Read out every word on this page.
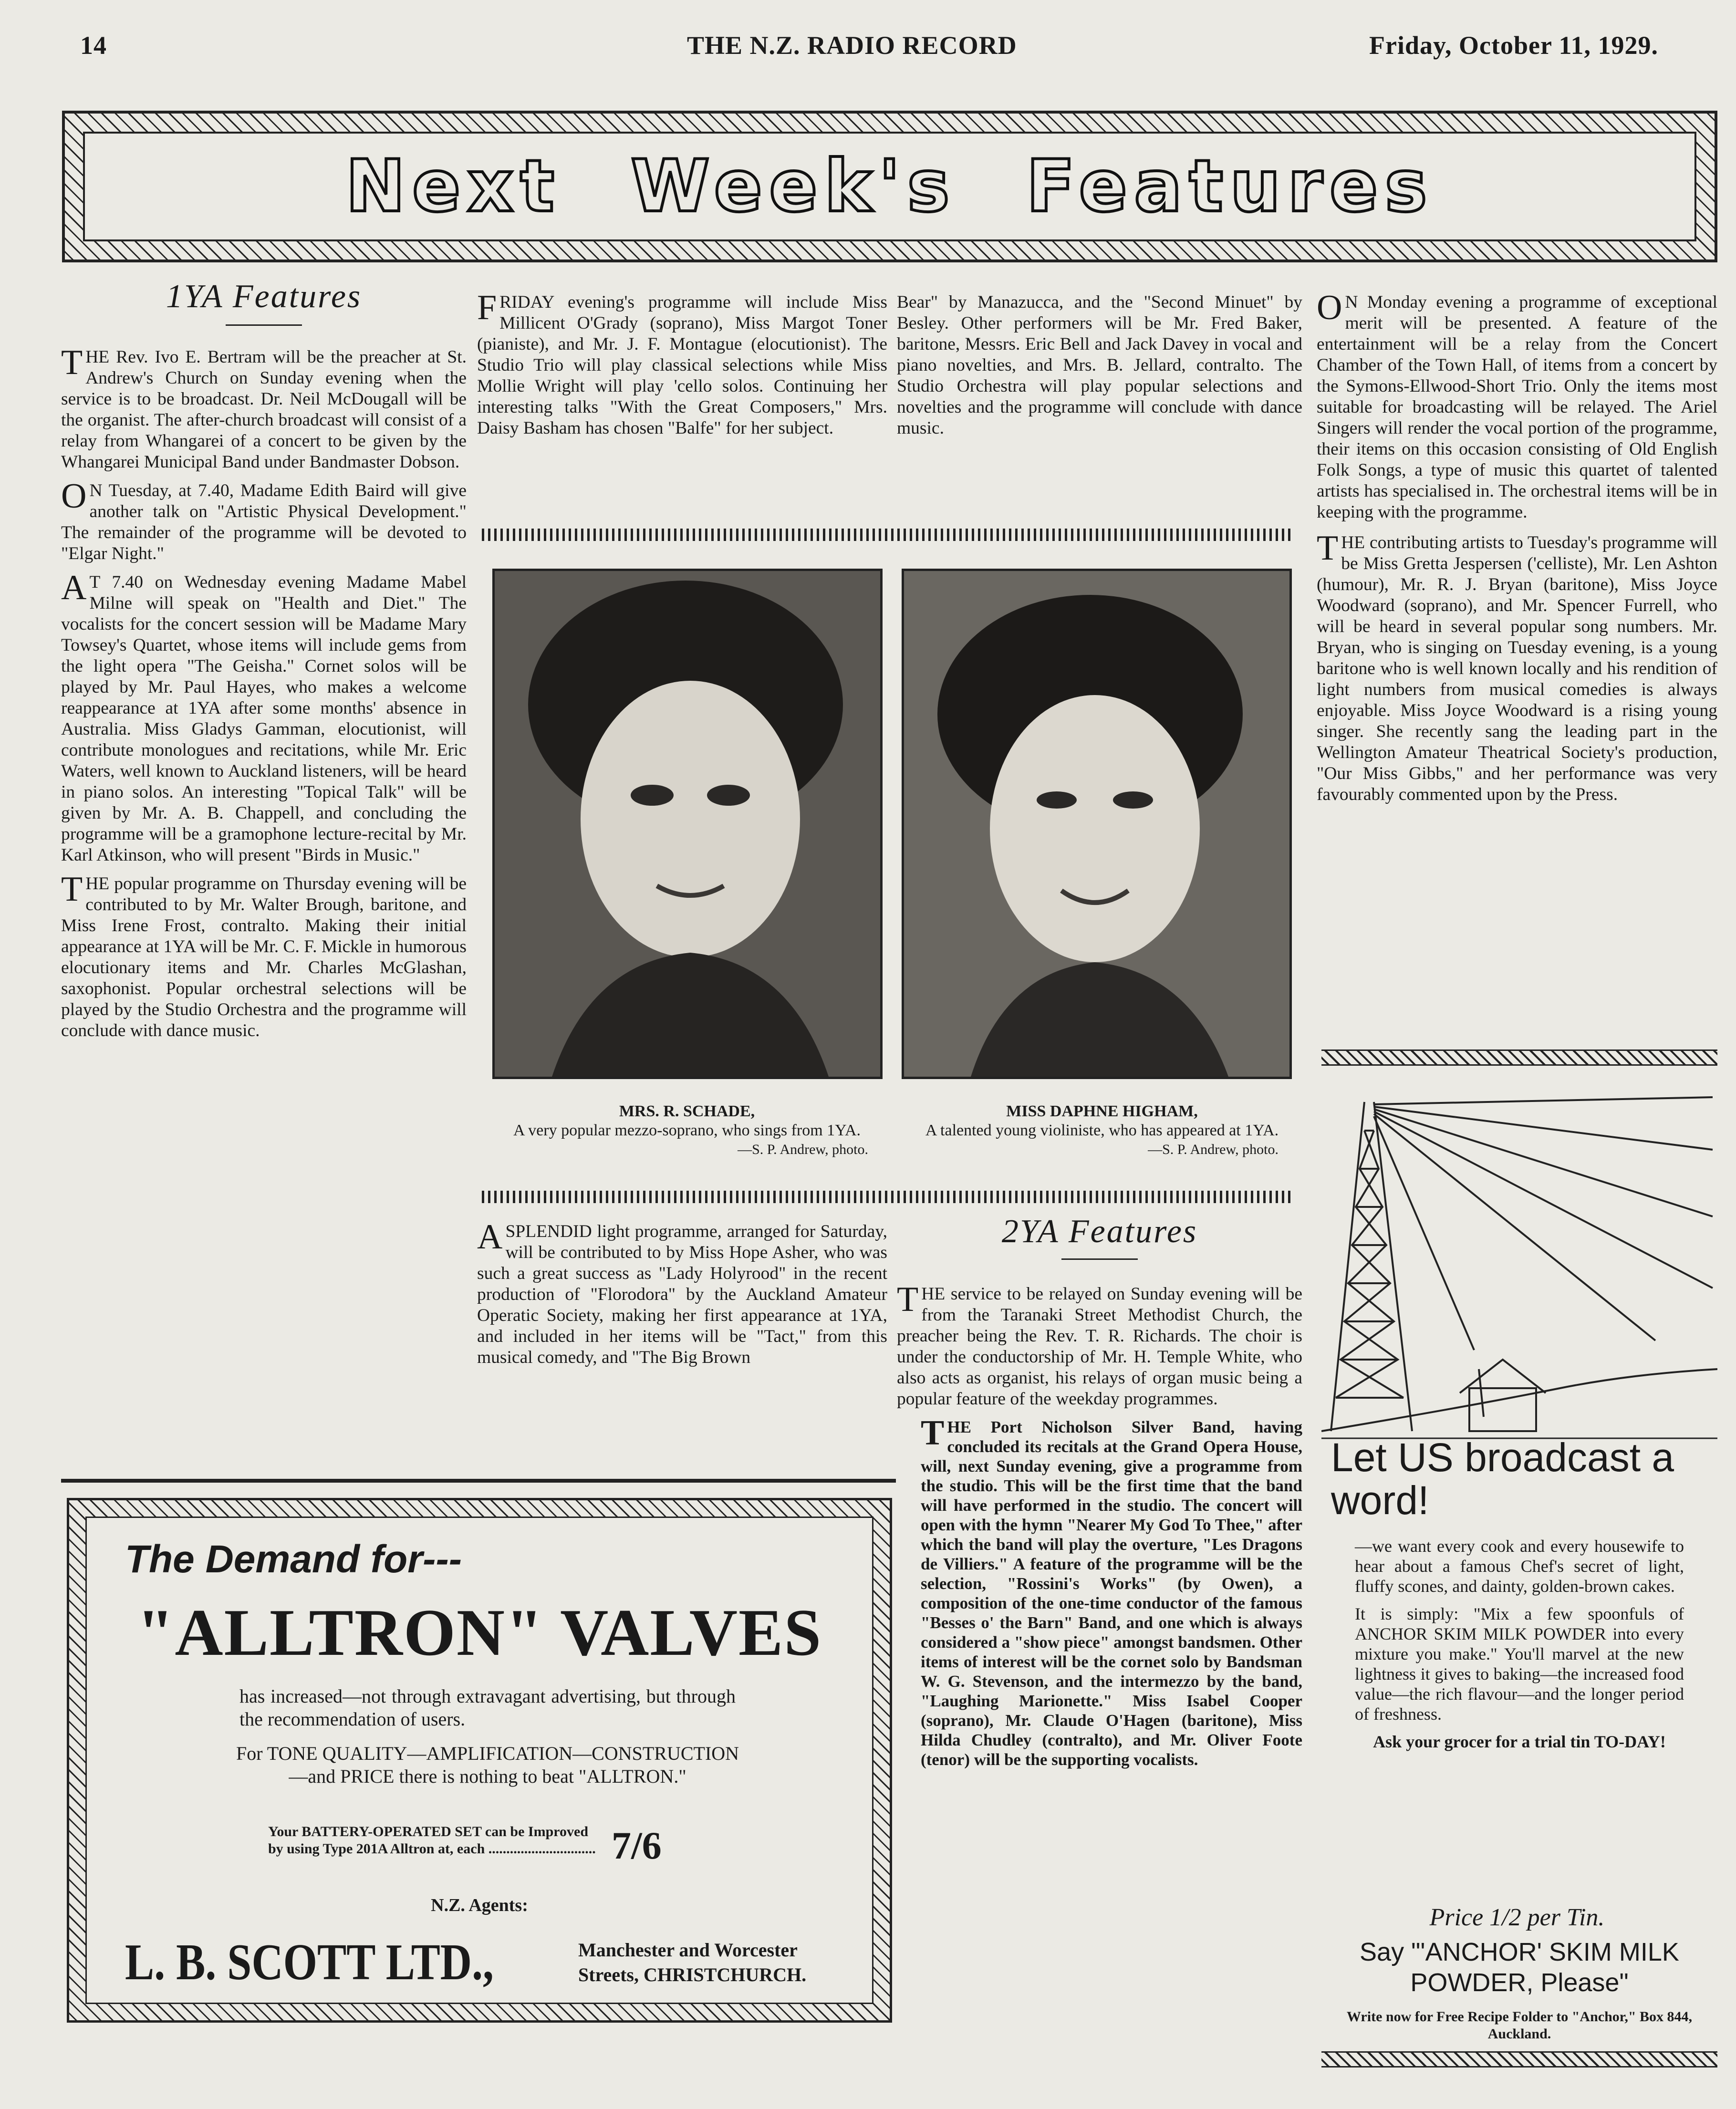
14	THE N.Z. RADIO RECORD	Friday, October 11, 1929.
Next Week's Features
1YA Features

THE Rev. Ivo E. Bertram will be the preacher at St. Andrew's Church on Sunday evening when the service is to be broadcast. Dr. Neil McDougall will be the organist. The after-church broadcast will consist of a relay from Whangarei of a concert to be given by the Whangarei Municipal Band under Bandmaster Dobson.

ON Tuesday, at 7.40, Madame Edith Baird will give another talk on "Artistic Physical Development." The remainder of the programme will be devoted to "Elgar Night."

AT 7.40 on Wednesday evening Madame Mabel Milne will speak on "Health and Diet." The vocalists for the concert session will be Madame Mary Towsey's Quartet, whose items will include gems from the light opera "The Geisha." Cornet solos will be played by Mr. Paul Hayes, who makes a welcome reappearance at 1YA after some months' absence in Australia. Miss Gladys Gamman, elocutionist, will contribute monologues and recitations, while Mr. Eric Waters, well known to Auckland listeners, will be heard in piano solos. An interesting "Topical Talk" will be given by Mr. A. B. Chappell, and concluding the programme will be a gramophone lecture-recital by Mr. Karl Atkinson, who will present "Birds in Music."

THE popular programme on Thursday evening will be contributed to by Mr. Walter Brough, baritone, and Miss Irene Frost, contralto. Making their initial appearance at 1YA will be Mr. C. F. Mickle in humorous elocutionary items and Mr. Charles McGlashan, saxophonist. Popular orchestral selections will be played by the Studio Orchestra and the programme will conclude with dance music.

FRIDAY evening's programme will include Miss Millicent O'Grady (soprano), Miss Margot Toner (pianiste), and Mr. J. F. Montague (elocutionist). The Studio Trio will play classical selections while Miss Mollie Wright will play 'cello solos. Continuing her interesting talks "With the Great Composers," Mrs. Daisy Basham has chosen "Balfe" for her subject.

Bear" by Manazucca, and the "Second Minuet" by Besley. Other performers will be Mr. Fred Baker, baritone, Messrs. Eric Bell and Jack Davey in vocal and piano novelties, and Mrs. B. Jellard, contralto. The Studio Orchestra will play popular selections and novelties and the programme will conclude with dance music.

MRS. R. SCHADE,
A very popular mezzo-soprano, who sings from 1YA.
—S. P. Andrew, photo.
MISS DAPHNE HIGHAM,
A talented young violiniste, who has appeared at 1YA.
—S. P. Andrew, photo.

ASPLENDID light programme, arranged for Saturday, will be contributed to by Miss Hope Asher, who was such a great success as "Lady Holyrood" in the recent production of "Florodora" by the Auckland Amateur Operatic Society, making her first appearance at 1YA, and included in her items will be "Tact," from this musical comedy, and "The Big Brown

2YA Features

THE service to be relayed on Sunday evening will be from the Taranaki Street Methodist Church, the preacher being the Rev. T. R. Richards. The choir is under the conductorship of Mr. H. Temple White, who also acts as organist, his relays of organ music being a popular feature of the weekday programmes.

THE Port Nicholson Silver Band, having concluded its recitals at the Grand Opera House, will, next Sunday evening, give a programme from the studio. This will be the first time that the band will have performed in the studio. The concert will open with the hymn "Nearer My God To Thee," after which the band will play the overture, "Les Dragons de Villiers." A feature of the programme will be the selection, "Rossini's Works" (by Owen), a composition of the one-time conductor of the famous "Besses o' the Barn" Band, and one which is always considered a "show piece" amongst bandsmen. Other items of interest will be the cornet solo by Bandsman W. G. Stevenson, and the intermezzo by the band, "Laughing Marionette." Miss Isabel Cooper (soprano), Mr. Claude O'Hagen (baritone), Miss Hilda Chudley (contralto), and Mr. Oliver Foote (tenor) will be the supporting vocalists.

ON Monday evening a programme of exceptional merit will be presented. A feature of the entertainment will be a relay from the Concert Chamber of the Town Hall, of items from a concert by the Symons-Ellwood-Short Trio. Only the items most suitable for broadcasting will be relayed. The Ariel Singers will render the vocal portion of the programme, their items on this occasion consisting of Old English Folk Songs, a type of music this quartet of talented artists has specialised in. The orchestral items will be in keeping with the programme.

THE contributing artists to Tuesday's programme will be Miss Gretta Jespersen ('celliste), Mr. Len Ashton (humour), Mr. R. J. Bryan (baritone), Miss Joyce Woodward (soprano), and Mr. Spencer Furrell, who will be heard in several popular song numbers. Mr. Bryan, who is singing on Tuesday evening, is a young baritone who is well known locally and his rendition of light numbers from musical comedies is always enjoyable. Miss Joyce Woodward is a rising young singer. She recently sang the leading part in the Wellington Amateur Theatrical Society's production, "Our Miss Gibbs," and her performance was very favourably commented upon by the Press.

Let US broadcast a word!

—we want every cook and every housewife to hear about a famous Chef's secret of light, fluffy scones, and dainty, golden-brown cakes.

It is simply: "Mix a few spoonfuls of ANCHOR SKIM MILK POWDER into every mixture you make." You'll marvel at the new lightness it gives to baking—the increased food value—the rich flavour—and the longer period of freshness.

Ask your grocer for a trial tin TO-DAY!

Price 1/2 per Tin.
Say "'ANCHOR' SKIM MILK POWDER, Please"
Write now for Free Recipe Folder to "Anchor," Box 844, Auckland.
The Demand for---
"ALLTRON" VALVES
has increased—not through extravagant advertising, but through the recommendation of users.
For TONE QUALITY—AMPLIFICATION—CONSTRUCTION—and PRICE there is nothing to beat "ALLTRON."
Your BATTERY-OPERATED SET can be Improved by using Type 201A Alltron at, each .............................. 7/6
N.Z. Agents:
L. B. SCOTT LTD.,	Manchester and Worcester Streets, CHRISTCHURCH.
